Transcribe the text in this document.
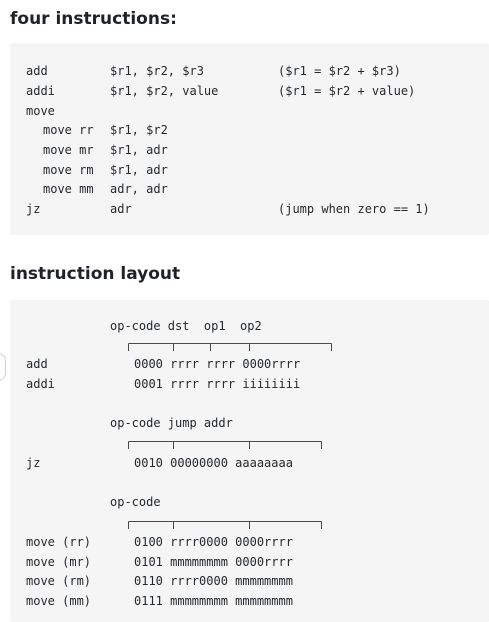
four instructions:
add	$r1, $r2, $r3	($r1 = $r2 + $r3)
addi	$r1, $r2, value	($r1 = $r2 + value)
move
move rr $r1, $r2
move mr $r1, adr
move rm $r1, adr
move mm adr, adr
jz	adr	(jump when zero == 1)
instruction layout
op-code dst  op1  op2
add	0000 rrrr rrrr 0000rrrr
addi	0001 rrrr rrrr iiiiiiii
op-code jump addr
jz	0010 00000000 aaaaaaaa
op-code
move (rr)	0100 rrrr0000 0000rrrr
move (mr)	0101 mmmmmmmm 0000rrrr
move (rm)	0110 rrrr0000 mmmmmmmm
move (mm)	0111 mmmmmmmm mmmmmmmm
